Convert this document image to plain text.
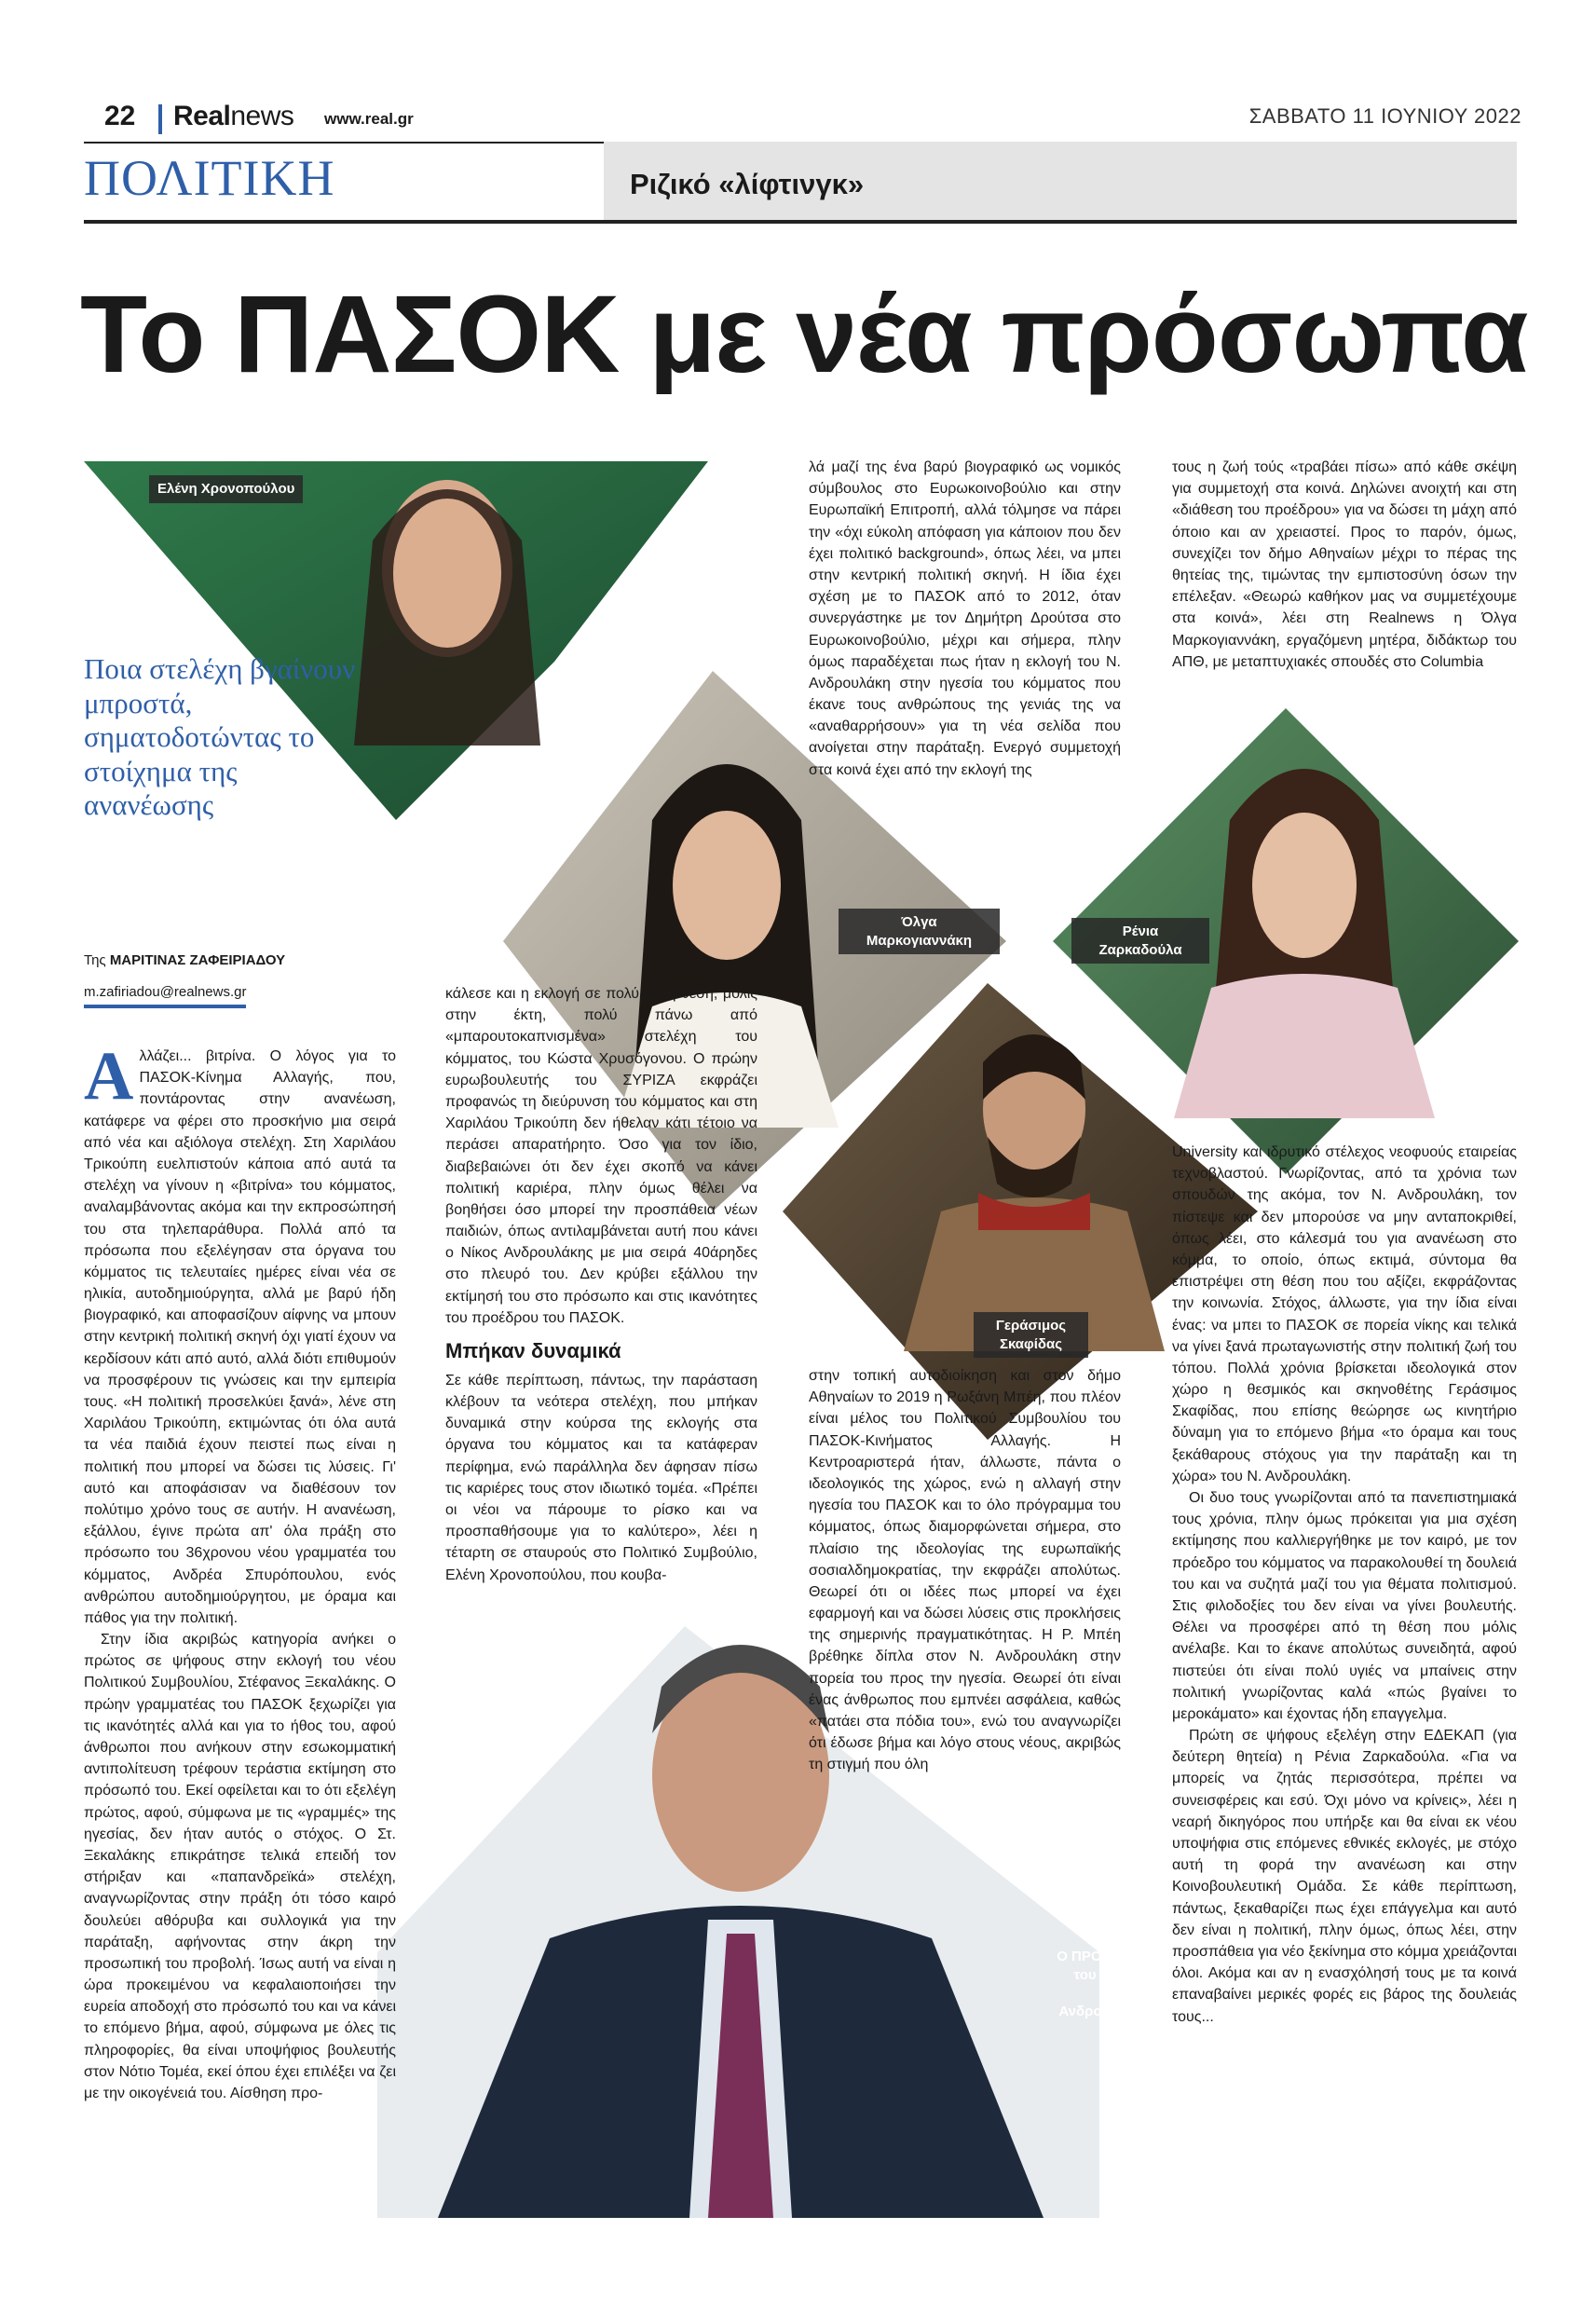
22 Realnews www.real.gr	ΣΑΒΒΑΤΟ 11 ΙΟΥΝΙΟΥ 2022
ΠΟΛΙΤΙΚΗ	Ριζικό «λίφτινγκ»
Το ΠΑΣΟΚ με νέα πρόσωπα
Ελένη Χρονοπούλου
Όλγα Μαρκογιαννάκη
Ρένια Ζαρκαδούλα
Γεράσιμος Σκαφίδας
Ο ΠΡΟΕΔΡΟΣ του ΠΑΣΟΚ Νίκος Ανδρουλάκης
Ποια στελέχη βγαίνουν μπροστά, σηματοδοτώντας το στοίχημα της ανανέωσης
Της ΜΑΡΙΤΙΝΑΣ ΖΑΦΕΙΡΙΑΔΟΥ
m.zafiriadou@realnews.gr
Α λλάζει... βιτρίνα. Ο λόγος για το ΠΑΣΟΚ-Κίνημα Αλλαγής, που, ποντάροντας στην ανανέωση, κατάφερε να φέρει στο προσκήνιο μια σειρά από νέα και αξιόλογα στελέχη. Στη Χαριλάου Τρικούπη ευελπιστούν κάποια από αυτά τα στελέχη να γίνουν η «βιτρίνα» του κόμματος, αναλαμβάνοντας ακόμα και την εκπροσώπησή του στα τηλεπαράθυρα. Πολλά από τα πρόσωπα που εξελέγησαν στα όργανα του κόμματος τις τελευταίες ημέρες είναι νέα σε ηλικία, αυτοδημιούργητα, αλλά με βαρύ ήδη βιογραφικό, και αποφασίζουν αίφνης να μπουν στην κεντρική πολιτική σκηνή όχι γιατί έχουν να κερδίσουν κάτι από αυτό, αλλά διότι επιθυμούν να προσφέρουν τις γνώσεις και την εμπειρία τους. «Η πολιτική προσελκύει ξανά», λένε στη Χαριλάου Τρικούπη, εκτιμώντας ότι όλα αυτά τα νέα παιδιά έχουν πειστεί πως είναι η πολιτική που μπορεί να δώσει τις λύσεις. Γι' αυτό και αποφάσισαν να διαθέσουν τον πολύτιμο χρόνο τους σε αυτήν. Η ανανέωση, εξάλλου, έγινε πρώτα απ' όλα πράξη στο πρόσωπο του 36χρονου νέου γραμματέα του κόμματος, Ανδρέα Σπυρόπουλου, ενός ανθρώπου αυτοδημιούργητου, με όραμα και πάθος για την πολιτική.

Στην ίδια ακριβώς κατηγορία ανήκει ο πρώτος σε ψήφους στην εκλογή του νέου Πολιτικού Συμβουλίου, Στέφανος Ξεκαλάκης. Ο πρώην γραμματέας του ΠΑΣΟΚ ξεχωρίζει για τις ικανότητές αλλά και για το ήθος του, αφού άνθρωποι που ανήκουν στην εσωκομματική αντιπολίτευση τρέφουν τεράστια εκτίμηση στο πρόσωπό του. Εκεί οφείλεται και το ότι εξελέγη πρώτος, αφού, σύμφωνα με τις «γραμμές» της ηγεσίας, δεν ήταν αυτός ο στόχος. Ο Στ. Ξεκαλάκης επικράτησε τελικά επειδή τον στήριξαν και «παπανδρεϊκά» στελέχη, αναγνωρίζοντας στην πράξη ότι τόσο καιρό δουλεύει αθόρυβα και συλλογικά για την παράταξη, αφήνοντας στην άκρη την προσωπική του προβολή. Ίσως αυτή να είναι η ώρα προκειμένου να κεφαλαιοποιήσει την ευρεία αποδοχή στο πρόσωπό του και να κάνει το επόμενο βήμα, αφού, σύμφωνα με όλες τις πληροφορίες, θα είναι υποψήφιος βουλευτής στον Νότιο Τομέα, εκεί όπου έχει επιλέξει να ζει με την οικογένειά του. Αίσθηση προ-

κάλεσε και η εκλογή σε πολύ καλή θέση, μόλις στην έκτη, πολύ πάνω από «μπαρουτοκαπνισμένα» στελέχη του κόμματος, του Κώστα Χρυσόγονου. Ο πρώην ευρωβουλευτής του ΣΥΡΙΖΑ εκφράζει προφανώς τη διεύρυνση του κόμματος και στη Χαριλάου Τρικούπη δεν ήθελαν κάτι τέτοιο να περάσει απαρατήρητο. Όσο για τον ίδιο, διαβεβαιώνει ότι δεν έχει σκοπό να κάνει πολιτική καριέρα, πλην όμως θέλει να βοηθήσει όσο μπορεί την προσπάθεια νέων παιδιών, όπως αντιλαμβάνεται αυτή που κάνει ο Νίκος Ανδρουλάκης με μια σειρά 40άρηδες στο πλευρό του. Δεν κρύβει εξάλλου την εκτίμησή του στο πρόσωπο και στις ικανότητες του προέδρου του ΠΑΣΟΚ.

Μπήκαν δυναμικά

Σε κάθε περίπτωση, πάντως, την παράσταση κλέβουν τα νεότερα στελέχη, που μπήκαν δυναμικά στην κούρσα της εκλογής στα όργανα του κόμματος και τα κατάφεραν περίφημα, ενώ παράλληλα δεν άφησαν πίσω τις καριέρες τους στον ιδιωτικό τομέα. «Πρέπει οι νέοι να πάρουμε το ρίσκο και να προσπαθήσουμε για το καλύτερο», λέει η τέταρτη σε σταυρούς στο Πολιτικό Συμβούλιο, Ελένη Χρονοπούλου, που κουβα-

λά μαζί της ένα βαρύ βιογραφικό ως νομικός σύμβουλος στο Ευρωκοινοβούλιο και στην Ευρωπαϊκή Επιτροπή, αλλά τόλμησε να πάρει την «όχι εύκολη απόφαση για κάποιον που δεν έχει πολιτικό background», όπως λέει, να μπει στην κεντρική πολιτική σκηνή. Η ίδια έχει σχέση με το ΠΑΣΟΚ από το 2012, όταν συνεργάστηκε με τον Δημήτρη Δρούτσα στο Ευρωκοινοβούλιο, μέχρι και σήμερα, πλην όμως παραδέχεται πως ήταν η εκλογή του Ν. Ανδρουλάκη στην ηγεσία του κόμματος που έκανε τους ανθρώπους της γενιάς της να «αναθαρρήσουν» για τη νέα σελίδα που ανοίγεται στην παράταξη. Ενεργό συμμετοχή στα κοινά έχει από την εκλογή της

στην τοπική αυτοδιοίκηση και στον δήμο Αθηναίων το 2019 η Ρωξάνη Μπέη, που πλέον είναι μέλος του Πολιτικού Συμβουλίου του ΠΑΣΟΚ-Κινήματος Αλλαγής. Η Κεντροαριστερά ήταν, άλλωστε, πάντα ο ιδεολογικός της χώρος, ενώ η αλλαγή στην ηγεσία του ΠΑΣΟΚ και το όλο πρόγραμμα του κόμματος, όπως διαμορφώνεται σήμερα, στο πλαίσιο της ιδεολογίας της ευρωπαϊκής σοσιαλδημοκρατίας, την εκφράζει απολύτως. Θεωρεί ότι οι ιδέες πως μπορεί να έχει εφαρμογή και να δώσει λύσεις στις προκλήσεις της σημερινής πραγματικότητας. Η Ρ. Μπέη βρέθηκε δίπλα στον Ν. Ανδρουλάκη στην πορεία του προς την ηγεσία. Θεωρεί ότι είναι ένας άνθρωπος που εμπνέει ασφάλεια, καθώς «πατάει στα πόδια του», ενώ του αναγνωρίζει ότι έδωσε βήμα και λόγο στους νέους, ακριβώς τη στιγμή που όλη

τους η ζωή τούς «τραβάει πίσω» από κάθε σκέψη για συμμετοχή στα κοινά. Δηλώνει ανοιχτή και στη «διάθεση του προέδρου» για να δώσει τη μάχη από όποιο και αν χρειαστεί. Προς το παρόν, όμως, συνεχίζει τον δήμο Αθηναίων μέχρι το πέρας της θητείας της, τιμώντας την εμπιστοσύνη όσων την επέλεξαν. «Θεωρώ καθήκον μας να συμμετέχουμε στα κοινά», λέει στη Realnews η Όλγα Μαρκογιαννάκη, εργαζόμενη μητέρα, διδάκτωρ του ΑΠΘ, με μεταπτυχιακές σπουδές στο Columbia

University και ιδρυτικό στέλεχος νεοφυούς εταιρείας τεχνοβλαστού. Γνωρίζοντας, από τα χρόνια των σπουδών της ακόμα, τον Ν. Ανδρουλάκη, τον πίστεψε και δεν μπορούσε να μην ανταποκριθεί, όπως λέει, στο κάλεσμά του για ανανέωση στο κόμμα, το οποίο, όπως εκτιμά, σύντομα θα επιστρέψει στη θέση που του αξίζει, εκφράζοντας την κοινωνία. Στόχος, άλλωστε, για την ίδια είναι ένας: να μπει το ΠΑΣΟΚ σε πορεία νίκης και τελικά να γίνει ξανά πρωταγωνιστής στην πολιτική ζωή του τόπου. Πολλά χρόνια βρίσκεται ιδεολογικά στον χώρο η θεσμικός και σκηνοθέτης Γεράσιμος Σκαφίδας, που επίσης θεώρησε ως κινητήριο δύναμη για το επόμενο βήμα «το όραμα και τους ξεκάθαρους στόχους για την παράταξη και τη χώρα» του Ν. Ανδρουλάκη.

Οι δυο τους γνωρίζονται από τα πανεπιστημιακά τους χρόνια, πλην όμως πρόκειται για μια σχέση εκτίμησης που καλλιεργήθηκε με τον καιρό, με τον πρόεδρο του κόμματος να παρακολουθεί τη δουλειά του και να συζητά μαζί του για θέματα πολιτισμού. Στις φιλοδοξίες του δεν είναι να γίνει βουλευτής. Θέλει να προσφέρει από τη θέση που μόλις ανέλαβε. Και το έκανε απολύτως συνειδητά, αφού πιστεύει ότι είναι πολύ υγιές να μπαίνεις στην πολιτική γνωρίζοντας καλά «πώς βγαίνει το μεροκάματο» και έχοντας ήδη επαγγελμα.

Πρώτη σε ψήφους εξελέγη στην ΕΔΕΚΑΠ (για δεύτερη θητεία) η Ρένια Ζαρκαδούλα. «Για να μπορείς να ζητάς περισσότερα, πρέπει να συνεισφέρεις και εσύ. Όχι μόνο να κρίνεις», λέει η νεαρή δικηγόρος που υπήρξε και θα είναι εκ νέου υποψήφια στις επόμενες εθνικές εκλογές, με στόχο αυτή τη φορά την ανανέωση και στην Κοινοβουλευτική Ομάδα. Σε κάθε περίπτωση, πάντως, ξεκαθαρίζει πως έχει επάγγελμα και αυτό δεν είναι η πολιτική, πλην όμως, όπως λέει, στην προσπάθεια για νέο ξεκίνημα στο κόμμα χρειάζονται όλοι. Ακόμα και αν η ενασχόλησή τους με τα κοινά επαναβαίνει μερικές φορές εις βάρος της δουλειάς τους...
